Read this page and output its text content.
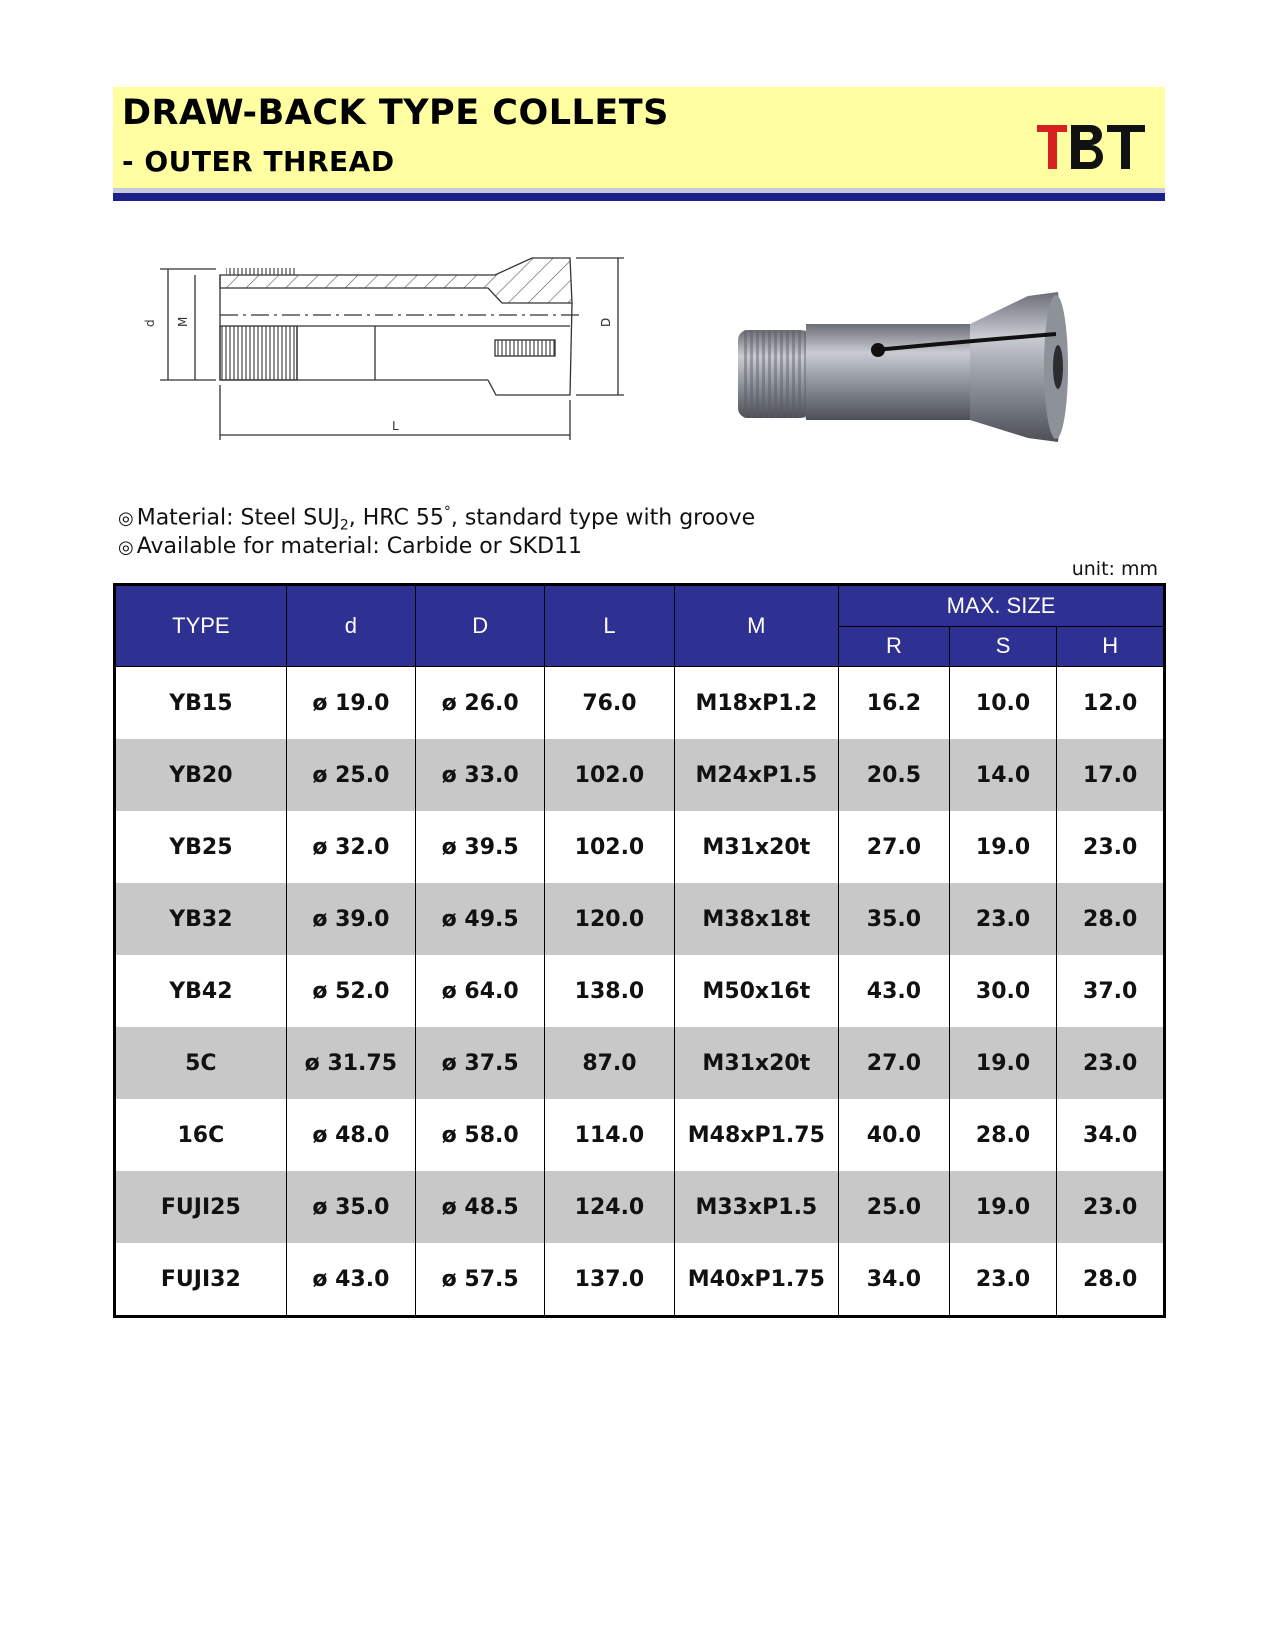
DRAW-BACK TYPE COLLETS
- OUTER THREAD
d M	D
L
◎ Material: Steel $SUJ_2$, HRC 55°, standard type with groove
◎ Available for material: Carbide or SKD11
unit: mm
TYPE	d	D	L	M	MAX. SIZE		
					R	S	H
YB15	ø 19.0	ø 26.0	76.0	M18xP1.2	16.2	10.0	12.0
YB20	ø 25.0	ø 33.0	102.0	M24xP1.5	20.5	14.0	17.0
YB25	ø 32.0	ø 39.5	102.0	M31x20t	27.0	19.0	23.0
YB32	ø 39.0	ø 49.5	120.0	M38x18t	35.0	23.0	28.0
YB42	ø 52.0	ø 64.0	138.0	M50x16t	43.0	30.0	37.0
5C	ø 31.75	ø 37.5	87.0	M31x20t	27.0	19.0	23.0
16C	ø 48.0	ø 58.0	114.0	M48xP1.75	40.0	28.0	34.0
FUJI25	ø 35.0	ø 48.5	124.0	M33xP1.5	25.0	19.0	23.0
FUJI32	ø 43.0	ø 57.5	137.0	M40xP1.75	34.0	23.0	28.0
